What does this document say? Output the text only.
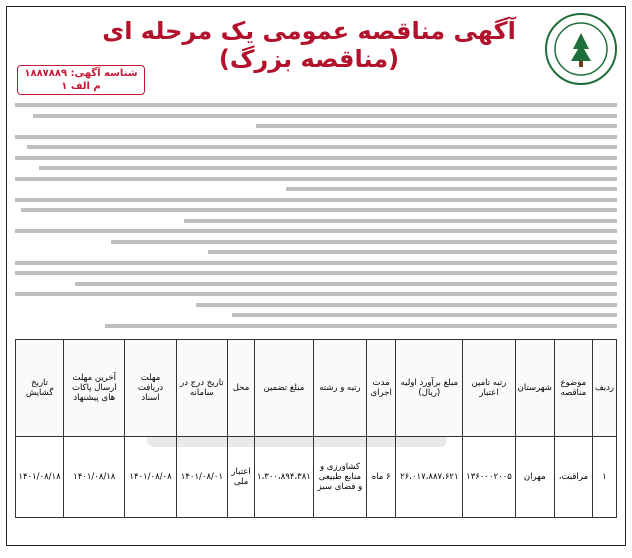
آگهی مناقصه عمومی یک مرحله ای (مناقصه بزرگ)
شناسه آگهی: ۱۸۸۷۸۸۹
م الف ۱
ردیف	موضوع مناقصه	شهرستان	رتبه تامین اعتبار	مبلغ برآورد اولیه (ریال)	مدت اجرای	رتبه و رشته	مبلغ تضمین	محل	تاریخ درج در سامانه	مهلت دریافت اسناد	آخرین مهلت ارسال پاکات های پیشنهاد	تاریخ گشایش
۱	مراقبت،	مهران	۱۳۶۰۰۰۲۰۰۵	۲۶،۰۱۷،۸۸۷،۶۲۱	۶ ماه	کشاورزی و منابع طبیعی و فضای سبز	۱،۳۰۰،۸۹۴،۳۸۱	اعتبار ملی	۱۴۰۱/۰۸/۰۱	۱۴۰۱/۰۸/۰۸	۱۴۰۱/۰۸/۱۸	۱۴۰۱/۰۸/۱۸
